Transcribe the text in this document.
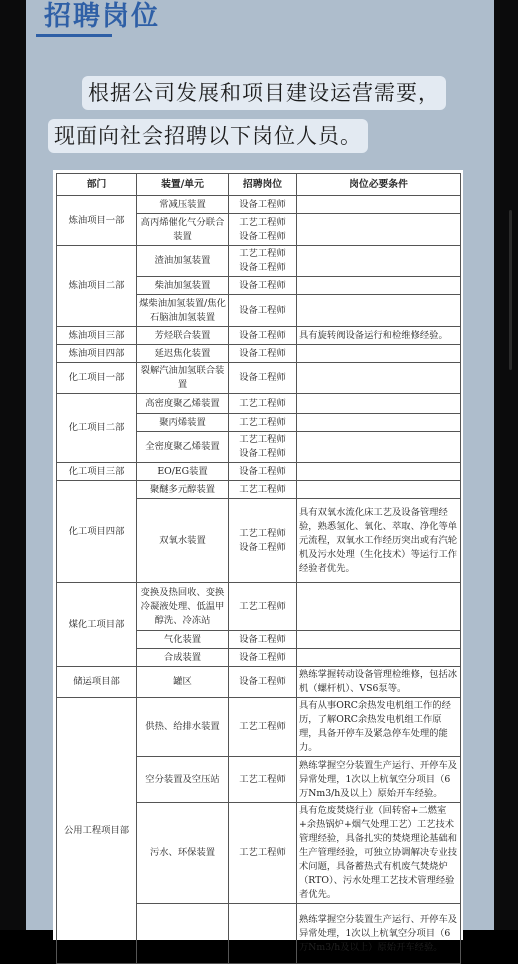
招聘岗位
根据公司发展和项目建设运营需要，
现面向社会招聘以下岗位人员。
部门	装置/单元	招聘岗位	岗位必要条件
炼油项目一部	常减压装置	设备工程师	
	高丙烯催化气分联合装置	工艺工程师
设备工程师	
炼油项目二部	渣油加氢装置	工艺工程师
设备工程师	
	柴油加氢装置	设备工程师	
	煤柴油加氢装置/焦化石脑油加氢装置	设备工程师	
炼油项目三部	芳烃联合装置	设备工程师	具有旋转阀设备运行和检维修经验。
炼油项目四部	延迟焦化装置	设备工程师	
化工项目一部	裂解汽油加氢联合装置	设备工程师	
化工项目二部	高密度聚乙烯装置	工艺工程师	
	聚丙烯装置	工艺工程师	
	全密度聚乙烯装置	工艺工程师
设备工程师	
化工项目三部	EO/EG装置	设备工程师	
化工项目四部	聚醚多元醇装置	工艺工程师	
	双氧水装置	工艺工程师
设备工程师	具有双氧水流化床工艺及设备管理经验，熟悉氢化、氧化、萃取、净化等单元流程，双氧水工作经历突出或有汽轮机及污水处理（生化技术）等运行工作经验者优先。
煤化工项目部	变换及热回收、变换冷凝液处理、低温甲醇洗、冷冻站	工艺工程师	
	气化装置	设备工程师	
	合成装置	设备工程师	
储运项目部	罐区	设备工程师	熟练掌握转动设备管理检维修，包括冰机（螺杆机）、VS6泵等。
公用工程项目部	供热、给排水装置	工艺工程师	具有从事ORC余热发电机组工作的经历，了解ORC余热发电机组工作原理，具备开停车及紧急停车处理的能力。
	空分装置及空压站	工艺工程师	熟练掌握空分装置生产运行、开停车及异常处理，1次以上杭氧空分项目（6万Nm3/h及以上）原始开车经验。
	污水、环保装置	工艺工程师	具有危废焚烧行业（回转窑+二燃室+余热锅炉+烟气处理工艺）工艺技术管理经验，具备扎实的焚烧理论基础和生产管理经验，可独立协调解决专业技术问题，具备蓄热式有机废气焚烧炉（RTO）、污水处理工艺技术管理经验者优先。
			熟练掌握空分装置生产运行、开停车及异常处理，1次以上杭氧空分项目（6万Nm3/h及以上）原始开车经验。
